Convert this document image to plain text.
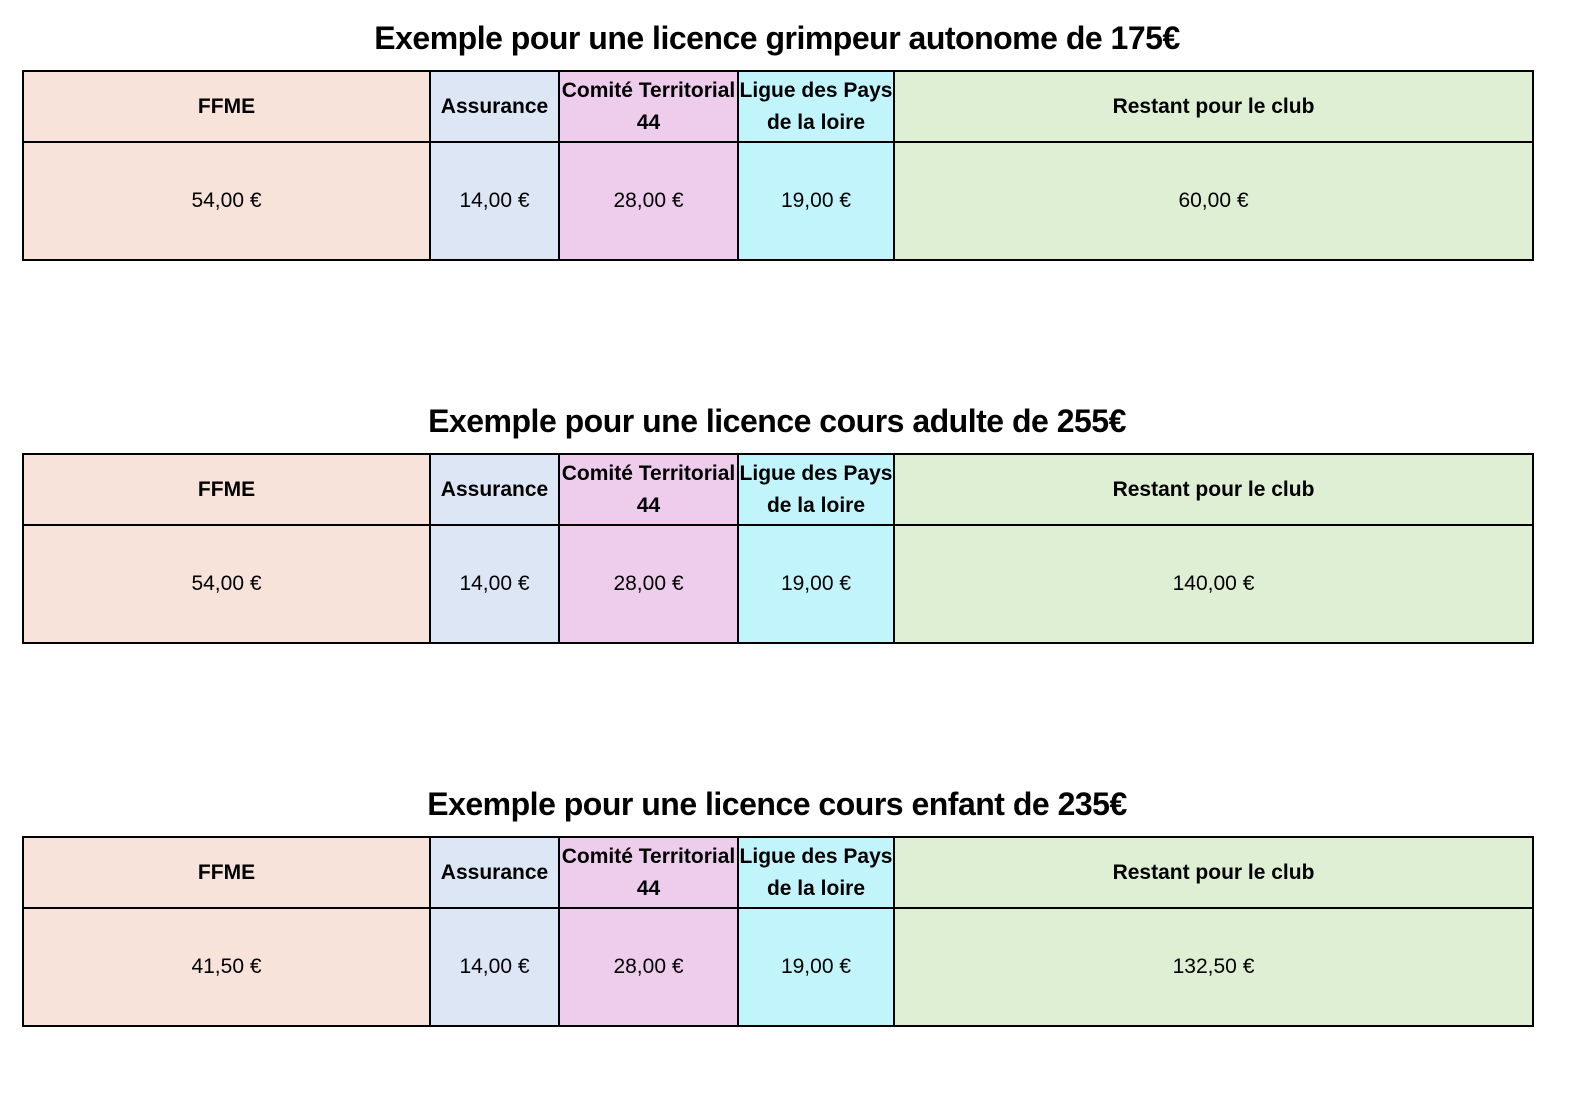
Exemple pour une licence grimpeur autonome de 175€
FFME	Assurance	Comité Territorial 44	Ligue des Pays de la loire	Restant pour le club
54,00 €	14,00 €	28,00 €	19,00 €	60,00 €
Exemple pour une licence cours adulte de 255€
FFME	Assurance	Comité Territorial 44	Ligue des Pays de la loire	Restant pour le club
54,00 €	14,00 €	28,00 €	19,00 €	140,00 €
Exemple pour une licence cours enfant de 235€
FFME	Assurance	Comité Territorial 44	Ligue des Pays de la loire	Restant pour le club
41,50 €	14,00 €	28,00 €	19,00 €	132,50 €
